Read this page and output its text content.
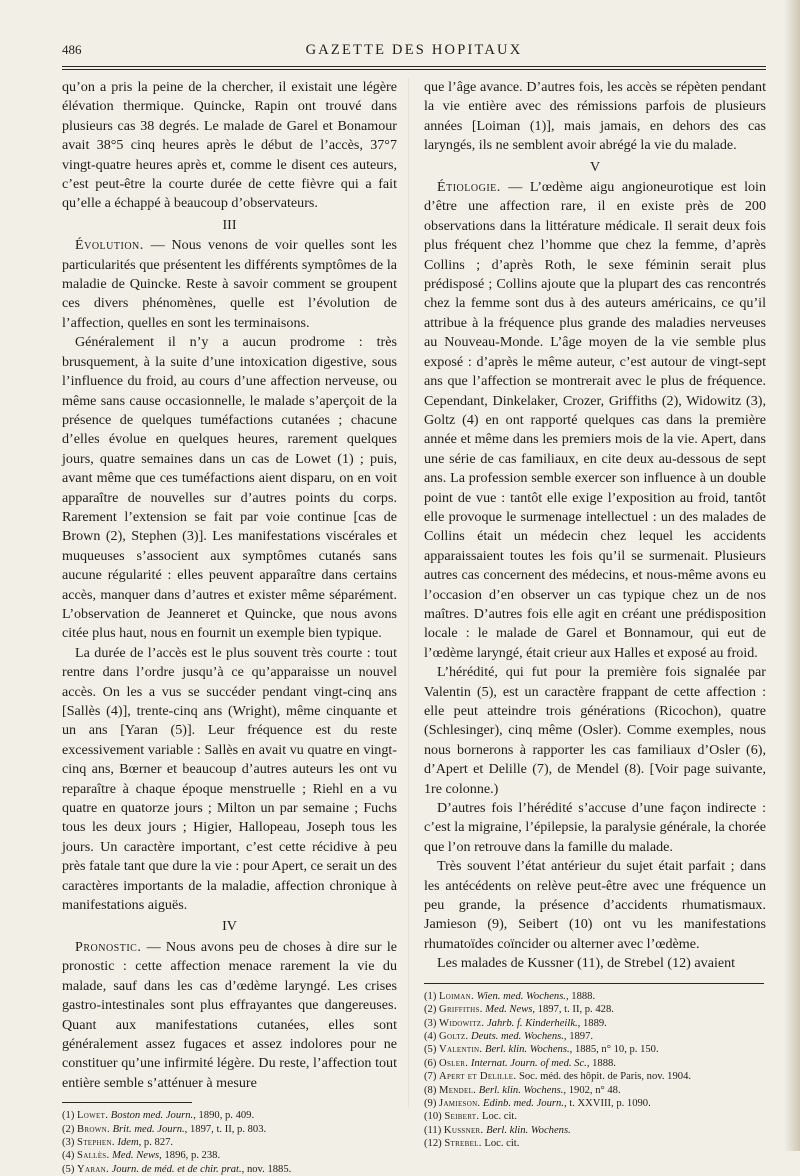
486	GAZETTE DES HOPITAUX

qu’on a pris la peine de la chercher, il existait une légère élévation thermique. Quincke, Rapin ont trouvé dans plusieurs cas 38 degrés. Le malade de Garel et Bonamour avait 38°5 cinq heures après le début de l’accès, 37°7 vingt-quatre heures après et, comme le disent ces auteurs, c’est peut-être la courte durée de cette fièvre qui a fait qu’elle a échappé à beaucoup d’observateurs.

III

Évolution. — Nous venons de voir quelles sont les particularités que présentent les différents symptômes de la maladie de Quincke. Reste à savoir comment se groupent ces divers phénomènes, quelle est l’évolution de l’affection, quelles en sont les terminaisons.

Généralement il n’y a aucun prodrome : très brusquement, à la suite d’une intoxication digestive, sous l’influence du froid, au cours d’une affection nerveuse, ou même sans cause occasionnelle, le malade s’aperçoit de la présence de quelques tuméfactions cutanées ; chacune d’elles évolue en quelques heures, rarement quelques jours, quatre semaines dans un cas de Lowet (1) ; puis, avant même que ces tuméfactions aient disparu, on en voit apparaître de nouvelles sur d’autres points du corps. Rarement l’extension se fait par voie continue [cas de Brown (2), Stephen (3)]. Les manifestations viscérales et muqueuses s’associent aux symptômes cutanés sans aucune régularité : elles peuvent apparaître dans certains accès, manquer dans d’autres et exister même séparément. L’observation de Jeanneret et Quincke, que nous avons citée plus haut, nous en fournit un exemple bien typique.

La durée de l’accès est le plus souvent très courte : tout rentre dans l’ordre jusqu’à ce qu’apparaisse un nouvel accès. On les a vus se succéder pendant vingt-cinq ans [Sallès (4)], trente-cinq ans (Wright), même cinquante et un ans [Yaran (5)]. Leur fréquence est du reste excessivement variable : Sallès en avait vu quatre en vingt-cinq ans, Bœrner et beaucoup d’autres auteurs les ont vu reparaître à chaque époque menstruelle ; Riehl en a vu quatre en quatorze jours ; Milton un par semaine ; Fuchs tous les deux jours ; Higier, Hallopeau, Joseph tous les jours. Un caractère important, c’est cette récidive à peu près fatale tant que dure la vie : pour Apert, ce serait un des caractères importants de la maladie, affection chronique à manifestations aiguës.

IV

Pronostic. — Nous avons peu de choses à dire sur le pronostic : cette affection menace rarement la vie du malade, sauf dans les cas d’œdème laryngé. Les crises gastro-intestinales sont plus effrayantes que dangereuses. Quant aux manifestations cutanées, elles sont généralement assez fugaces et assez indolores pour ne constituer qu’une infirmité légère. Du reste, l’affection tout entière semble s’atténuer à mesure

(1) Lowet. Boston med. Journ., 1890, p. 409.
(2) Brown. Brit. med. Journ., 1897, t. II, p. 803.
(3) Stephen. Idem, p. 827.
(4) Sallès. Med. News, 1896, p. 238.
(5) Yaran. Journ. de méd. et de chir. prat., nov. 1885.

que l’âge avance. D’autres fois, les accès se répèten pendant la vie entière avec des rémissions parfois de plusieurs années [Loiman (1)], mais jamais, en dehors des cas laryngés, ils ne semblent avoir abrégé la vie du malade.

V

Étiologie. — L’œdème aigu angioneurotique est loin d’être une affection rare, il en existe près de 200 observations dans la littérature médicale. Il serait deux fois plus fréquent chez l’homme que chez la femme, d’après Collins ; d’après Roth, le sexe féminin serait plus prédisposé ; Collins ajoute que la plupart des cas rencontrés chez la femme sont dus à des auteurs américains, ce qu’il attribue à la fréquence plus grande des maladies nerveuses au Nouveau-Monde. L’âge moyen de la vie semble plus exposé : d’après le même auteur, c’est autour de vingt-sept ans que l’affection se montrerait avec le plus de fréquence. Cependant, Dinkelaker, Crozer, Griffiths (2), Widowitz (3), Goltz (4) en ont rapporté quelques cas dans la première année et même dans les premiers mois de la vie. Apert, dans une série de cas familiaux, en cite deux au-dessous de sept ans. La profession semble exercer son influence à un double point de vue : tantôt elle exige l’exposition au froid, tantôt elle provoque le surmenage intellectuel : un des malades de Collins était un médecin chez lequel les accidents apparaissaient toutes les fois qu’il se surmenait. Plusieurs autres cas concernent des médecins, et nous-même avons eu l’occasion d’en observer un cas typique chez un de nos maîtres. D’autres fois elle agit en créant une prédisposition locale : le malade de Garel et Bonnamour, qui eut de l’œdème laryngé, était crieur aux Halles et exposé au froid.

L’hérédité, qui fut pour la première fois signalée par Valentin (5), est un caractère frappant de cette affection : elle peut atteindre trois générations (Ricochon), quatre (Schlesinger), cinq même (Osler). Comme exemples, nous nous bornerons à rapporter les cas familiaux d’Osler (6), d’Apert et Delille (7), de Mendel (8). [Voir page suivante, 1re colonne.)

D’autres fois l’hérédité s’accuse d’une façon indirecte : c’est la migraine, l’épilepsie, la paralysie générale, la chorée que l’on retrouve dans la famille du malade.

Très souvent l’état antérieur du sujet était parfait ; dans les antécédents on relève peut-être avec une fréquence un peu grande, la présence d’accidents rhumatismaux. Jamieson (9), Seibert (10) ont vu les manifestations rhumatoïdes coïncider ou alterner avec l’œdème.

Les malades de Kussner (11), de Strebel (12) avaient

(1) Loiman. Wien. med. Wochens., 1888.
(2) Griffiths. Med. News, 1897, t. II, p. 428.
(3) Widowitz. Jahrb. f. Kinderheilk., 1889.
(4) Goltz. Deuts. med. Wochens., 1897.
(5) Valentin. Berl. klin. Wochens., 1885, n° 10, p. 150.
(6) Osler. Internat. Journ. of med. Sc., 1888.
(7) Apert et Delille. Soc. méd. des hôpit. de Paris, nov. 1904.
(8) Mendel. Berl. klin. Wochens., 1902, n° 48.
(9) Jamieson. Edinb. med. Journ., t. XXVIII, p. 1090.
(10) Seibert. Loc. cit.
(11) Kussner. Berl. klin. Wochens.
(12) Strebel. Loc. cit.
